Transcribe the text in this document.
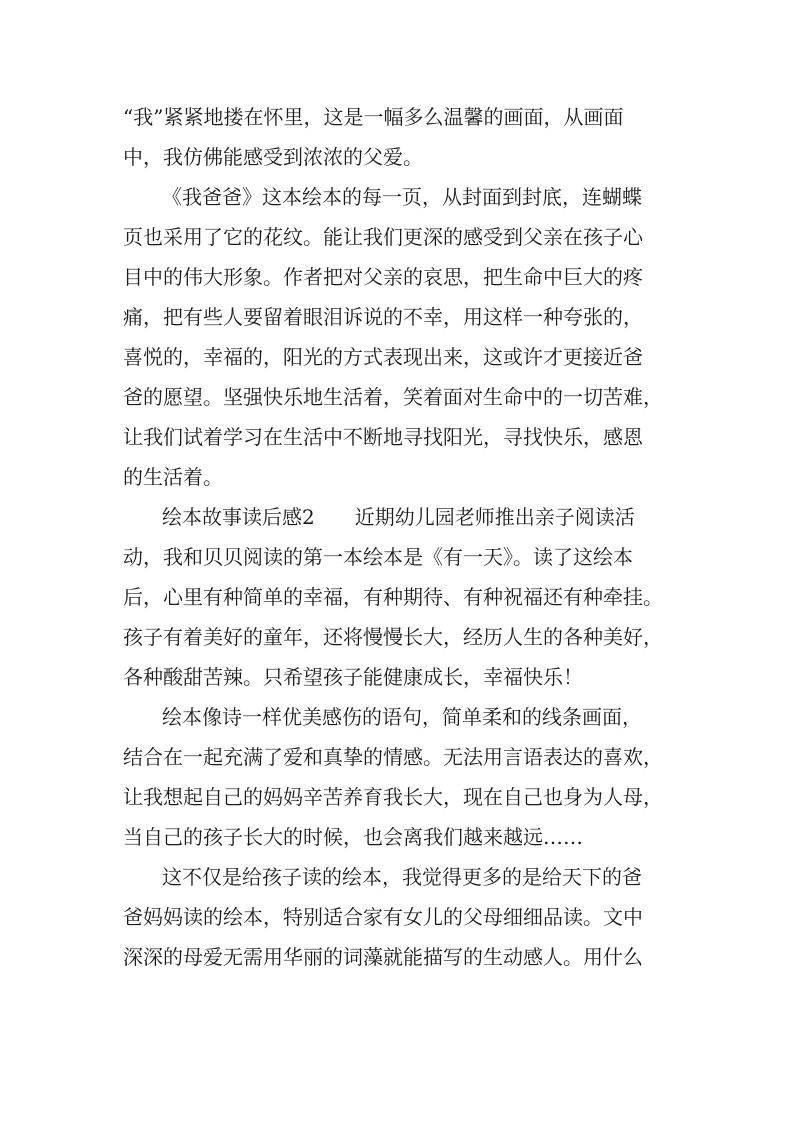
“我”紧紧地搂在怀里，这是一幅多么温馨的画面，从画面
中，我仿佛能感受到浓浓的父爱。
《我爸爸》这本绘本的每一页，从封面到封底，连蝴蝶
页也采用了它的花纹。能让我们更深的感受到父亲在孩子心
目中的伟大形象。作者把对父亲的哀思，把生命中巨大的疼
痛，把有些人要留着眼泪诉说的不幸，用这样一种夸张的，
喜悦的，幸福的，阳光的方式表现出来，这或许才更接近爸
爸的愿望。坚强快乐地生活着，笑着面对生命中的一切苦难，
让我们试着学习在生活中不断地寻找阳光，寻找快乐，感恩
的生活着。
绘本故事读后感2　　近期幼儿园老师推出亲子阅读活
动，我和贝贝阅读的第一本绘本是《有一天》。读了这绘本
后，心里有种简单的幸福，有种期待、有种祝福还有种牵挂。
孩子有着美好的童年，还将慢慢长大，经历人生的各种美好，
各种酸甜苦辣。只希望孩子能健康成长，幸福快乐！
绘本像诗一样优美感伤的语句，简单柔和的线条画面，
结合在一起充满了爱和真挚的情感。无法用言语表达的喜欢，
让我想起自己的妈妈辛苦养育我长大，现在自己也身为人母，
当自己的孩子长大的时候，也会离我们越来越远……
这不仅是给孩子读的绘本，我觉得更多的是给天下的爸
爸妈妈读的绘本，特别适合家有女儿的父母细细品读。文中
深深的母爱无需用华丽的词藻就能描写的生动感人。用什么
